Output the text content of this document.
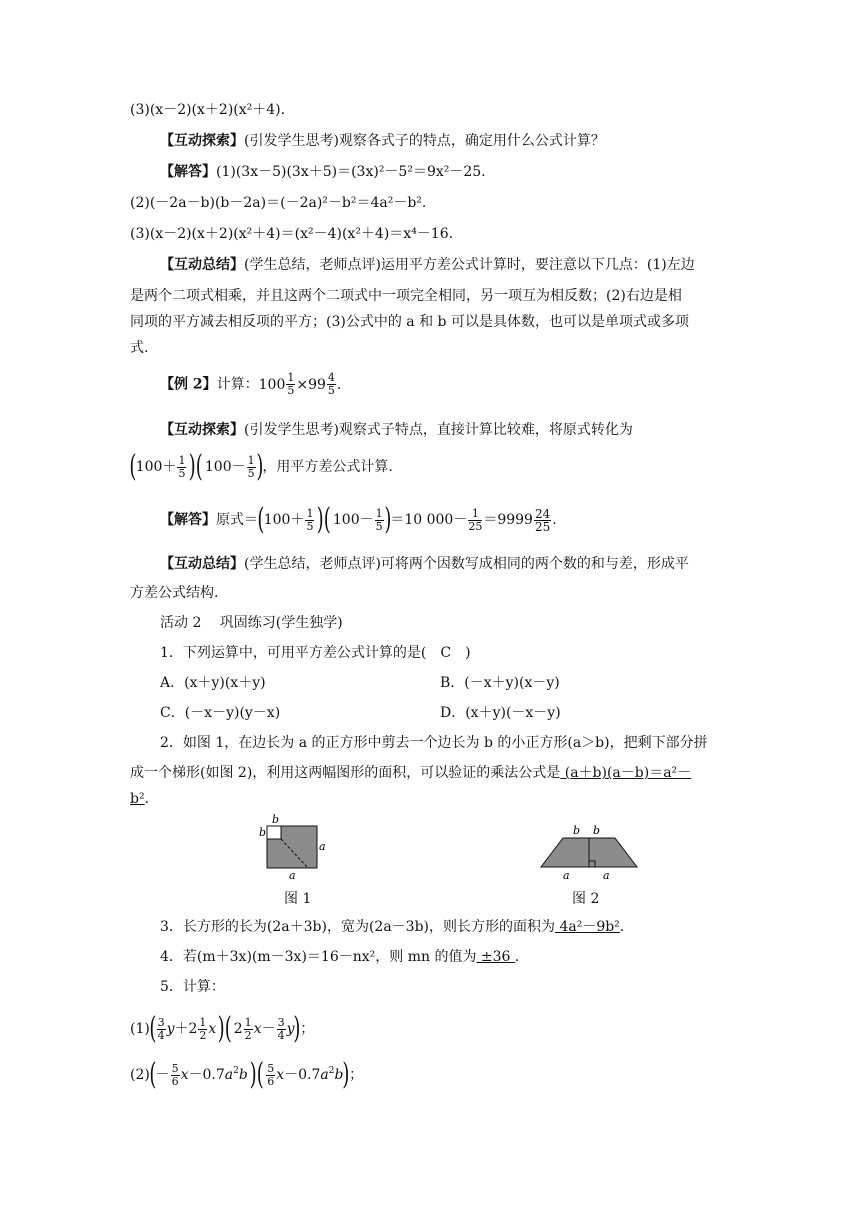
(3)(x－2)(x＋2)(x²＋4).
【互动探索】(引发学生思考)观察各式子的特点，确定用什么公式计算？
【解答】(1)(3x－5)(3x＋5)＝(3x)²－5²＝9x²－25.
(2)(－2a－b)(b－2a)＝(－2a)²－b²＝4a²－b².
(3)(x－2)(x＋2)(x²＋4)＝(x²－4)(x²＋4)＝x⁴－16.
【互动总结】(学生总结，老师点评)运用平方差公式计算时，要注意以下几点：(1)左边
是两个二项式相乘，并且这两个二项式中一项完全相同，另一项互为相反数；(2)右边是相
同项的平方减去相反项的平方；(3)公式中的 a 和 b 可以是具体数，也可以是单项式或多项
式.
【例 2】计算：$100 \frac{1}{5} \times 99 \frac{4}{5}$ .
【互动探索】(引发学生思考)观察式子特点，直接计算比较难，将原式转化为
($100+ \frac{1}{5}$ )( $100- \frac{1}{5}$ )，用平方差公式计算.
【解答】原式$=(100+ \frac{1}{5}$ )( $100- \frac{1}{5} )=10$ $000- \frac{1}{25} =9999 \frac{24}{25}$ .
【互动总结】(学生总结，老师点评)可将两个因数写成相同的两个数的和与差，形成平
方差公式结构.
活动 2　 巩固练习(学生独学)
1．下列运算中，可用平方差公式计算的是(　C　)
A．(x＋y)(x＋y)	B．(－x＋y)(x－y)
C．(－x－y)(y－x)	D．(x＋y)(－x－y)
2．如图 1，在边长为 a 的正方形中剪去一个边长为 b 的小正方形(a＞b)，把剩下部分拼
成一个梯形(如图 2)，利用这两幅图形的面积，可以验证的乘法公式是 (a＋b)(a－b)＝a²－
b².
b
b
a
a
图 1
b b
a	a
图 2
3．长方形的长为(2a＋3b)，宽为(2a－3b)，则长方形的面积为 4a²－9b².
4．若(m＋3x)(m－3x)＝16－nx²，则 mn 的值为 ±36 .
5．计算：
$(1)( \frac{3}{4} y+2 \frac{1}{2} x)$( $2 \frac{1}{2} x- \frac{3}{4} y$)；
$(2)(- \frac{5}{6} x-0.7a^2b)( \frac{5}{6} x-0.7a^2b)$；
